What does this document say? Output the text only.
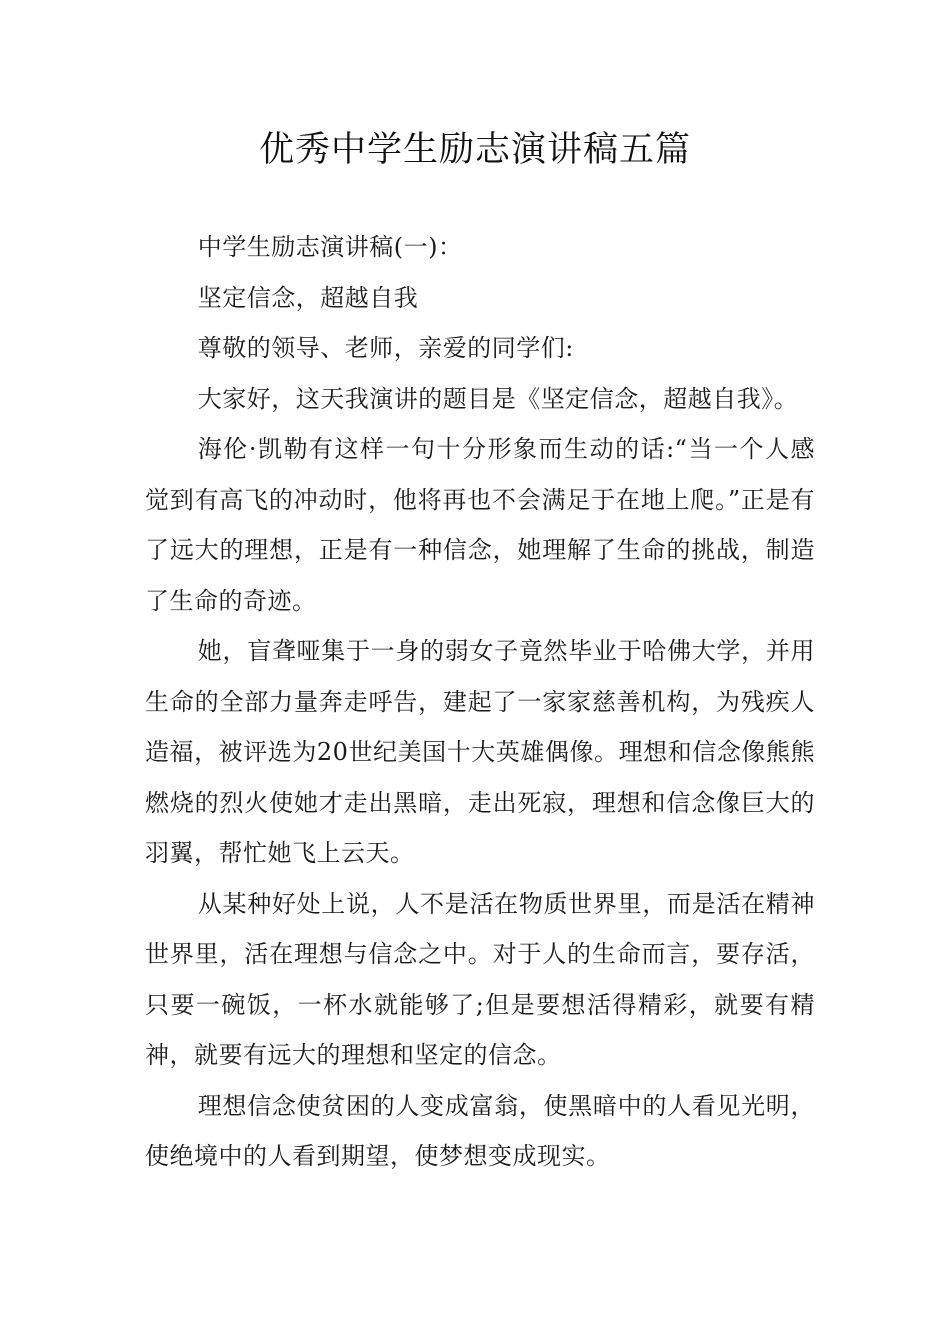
优秀中学生励志演讲稿五篇

中学生励志演讲稿(一)：

坚定信念，超越自我

尊敬的领导、老师，亲爱的同学们:

大家好，这天我演讲的题目是《坚定信念，超越自我》。

海伦·凯勒有这样一句十分形象而生动的话:“当一个人感觉到有高飞的冲动时，他将再也不会满足于在地上爬。”正是有了远大的理想，正是有一种信念，她理解了生命的挑战，制造了生命的奇迹。

她，盲聋哑集于一身的弱女子竟然毕业于哈佛大学，并用生命的全部力量奔走呼告，建起了一家家慈善机构，为残疾人造福，被评选为20世纪美国十大英雄偶像。理想和信念像熊熊燃烧的烈火使她才走出黑暗，走出死寂，理想和信念像巨大的羽翼，帮忙她飞上云天。

从某种好处上说，人不是活在物质世界里，而是活在精神世界里，活在理想与信念之中。对于人的生命而言，要存活，只要一碗饭，一杯水就能够了;但是要想活得精彩，就要有精神，就要有远大的理想和坚定的信念。

理想信念使贫困的人变成富翁，使黑暗中的人看见光明，使绝境中的人看到期望，使梦想变成现实。
